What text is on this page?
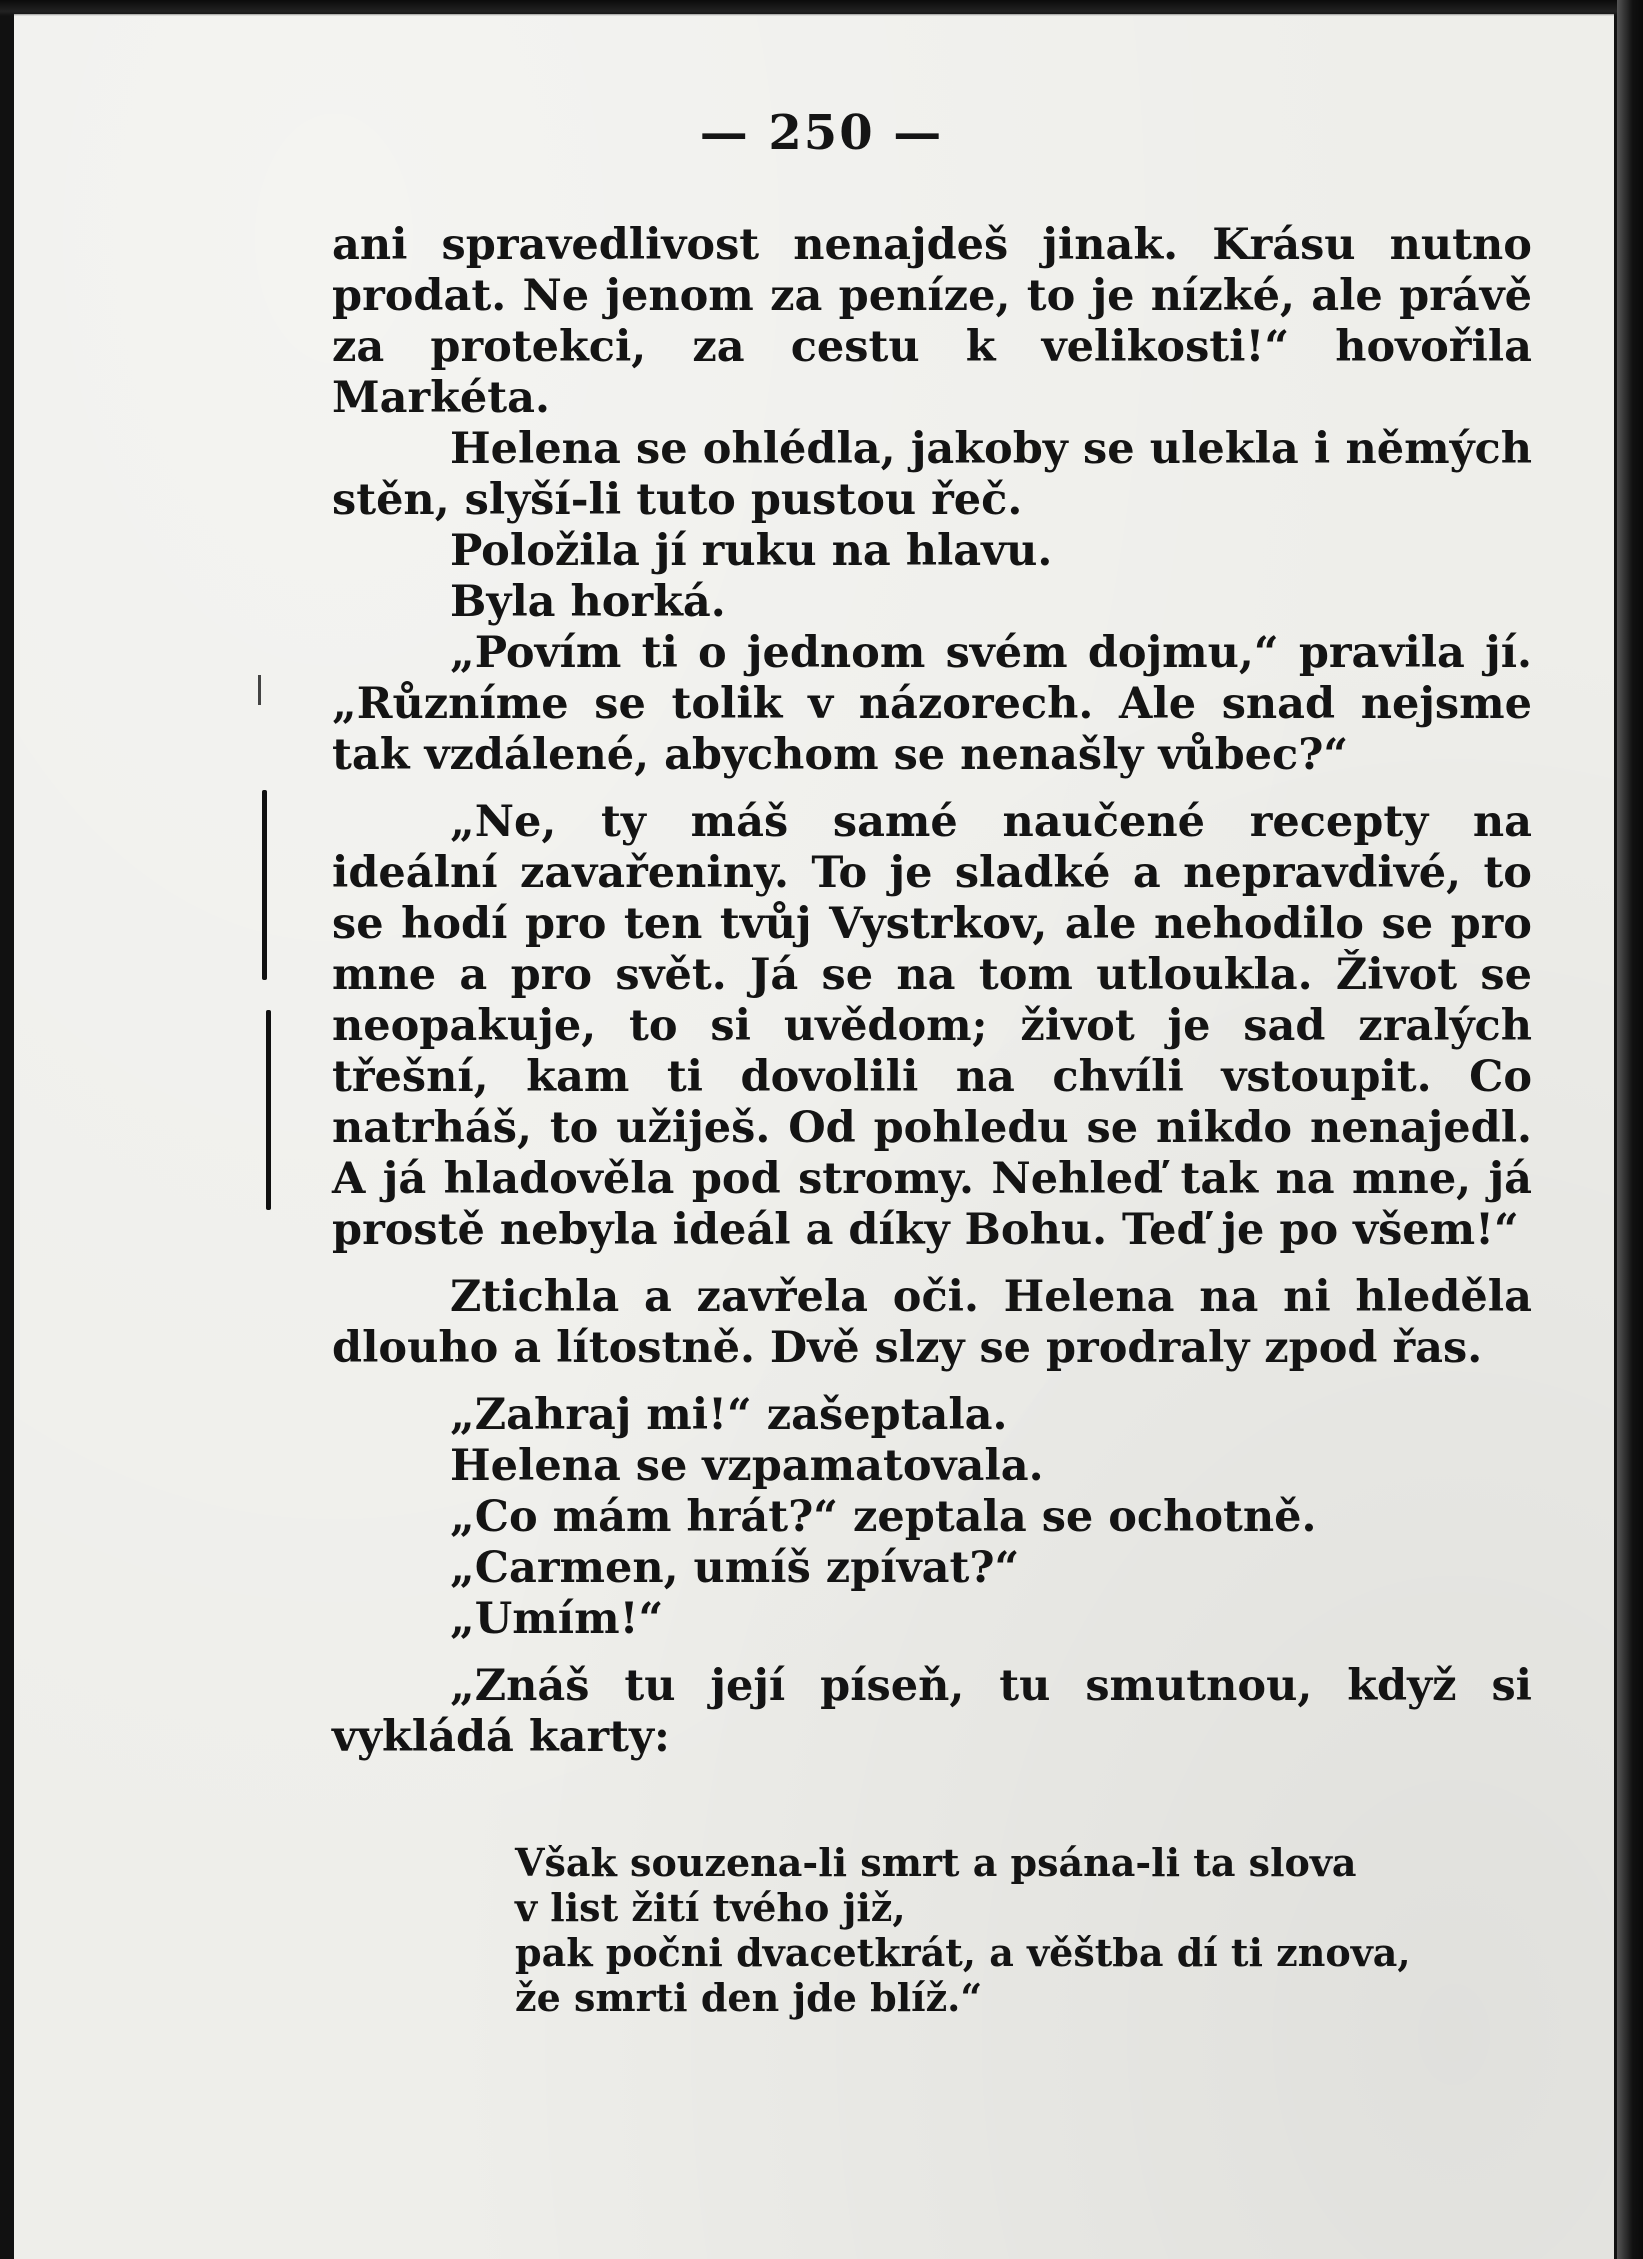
— 250 —

ani spravedlivost nenajdeš jinak. Krásu nutno prodat. Ne jenom za peníze, to je nízké, ale právě za protekci, za cestu k velikosti!“ hovořila Markéta.

Helena se ohlédla, jakoby se ulekla i němých stěn, slyší-li tuto pustou řeč.

Položila jí ruku na hlavu.

Byla horká.

„Povím ti o jednom svém dojmu,“ pravila jí. „Různíme se tolik v názorech. Ale snad nejsme tak vzdálené, abychom se nenašly vůbec?“

„Ne, ty máš samé naučené recepty na ideální zavařeniny. To je sladké a nepravdivé, to se hodí pro ten tvůj Vystrkov, ale nehodilo se pro mne a pro svět. Já se na tom utloukla. Život se neopakuje, to si uvědom; život je sad zralých třešní, kam ti dovolili na chvíli vstoupit. Co natrháš, to užiješ. Od pohledu se nikdo nenajedl. A já hladověla pod stromy. Nehleď tak na mne, já prostě nebyla ideál a díky Bohu. Teď je po všem!“

Ztichla a zavřela oči. Helena na ni hleděla dlouho a lítostně. Dvě slzy se prodraly zpod řas.

„Zahraj mi!“ zašeptala.

Helena se vzpamatovala.

„Co mám hrát?“ zeptala se ochotně.

„Carmen, umíš zpívat?“

„Umím!“

„Znáš tu její píseň, tu smutnou, když si vykládá karty:

Však souzena-li smrt a psána-li ta slova
v list žití tvého již,
pak počni dvacetkrát, a věštba dí ti znova,
že smrti den jde blíž.“
